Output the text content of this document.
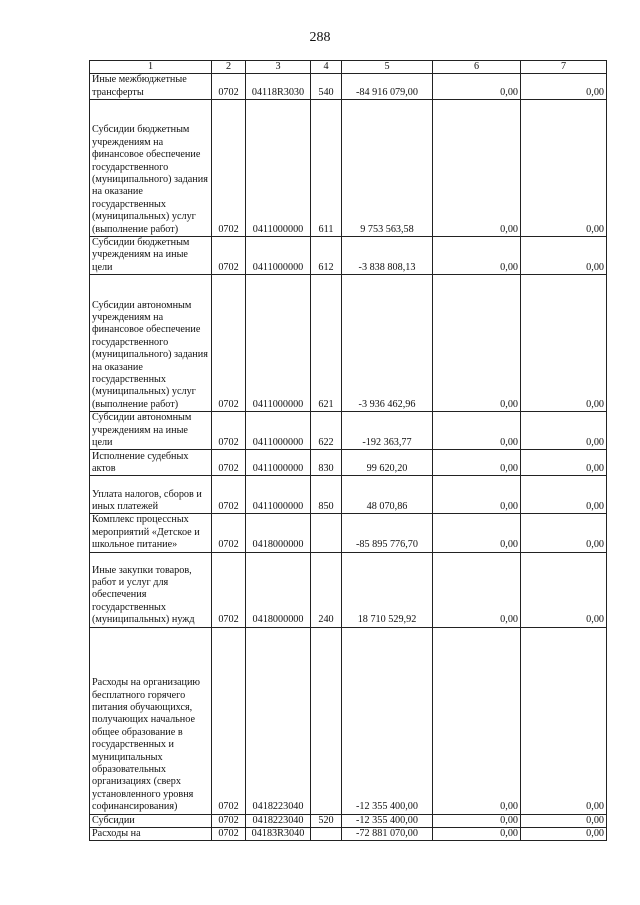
288
1	2	3	4	5	6	7
Иные межбюджетные трансферты	0702	04118R3030	540	-84 916 079,00	0,00	0,00
Субсидии бюджетным учреждениям на финансовое обеспечение государственного (муниципального) задания на оказание государственных (муниципальных) услуг (выполнение работ)	0702	0411000000	611	9 753 563,58	0,00	0,00
Субсидии бюджетным учреждениям на иные цели	0702	0411000000	612	-3 838 808,13	0,00	0,00
Субсидии автономным учреждениям на финансовое обеспечение государственного (муниципального) задания на оказание государственных (муниципальных) услуг (выполнение работ)	0702	0411000000	621	-3 936 462,96	0,00	0,00
Субсидии автономным учреждениям на иные цели	0702	0411000000	622	-192 363,77	0,00	0,00
Исполнение судебных актов	0702	0411000000	830	99 620,20	0,00	0,00
Уплата налогов, сборов и иных платежей	0702	0411000000	850	48 070,86	0,00	0,00
Комплекс процессных мероприятий «Детское и школьное питание»	0702	0418000000		-85 895 776,70	0,00	0,00
Иные закупки товаров, работ и услуг для обеспечения государственных (муниципальных) нужд	0702	0418000000	240	18 710 529,92	0,00	0,00
Расходы на организацию бесплатного горячего питания обучающихся, получающих начальное общее образование в государственных и муниципальных образовательных организациях (сверх установленного уровня софинансирования)	0702	0418223040		-12 355 400,00	0,00	0,00
Субсидии	0702	0418223040	520	-12 355 400,00	0,00	0,00
Расходы на	0702	04183R3040		-72 881 070,00	0,00	0,00
